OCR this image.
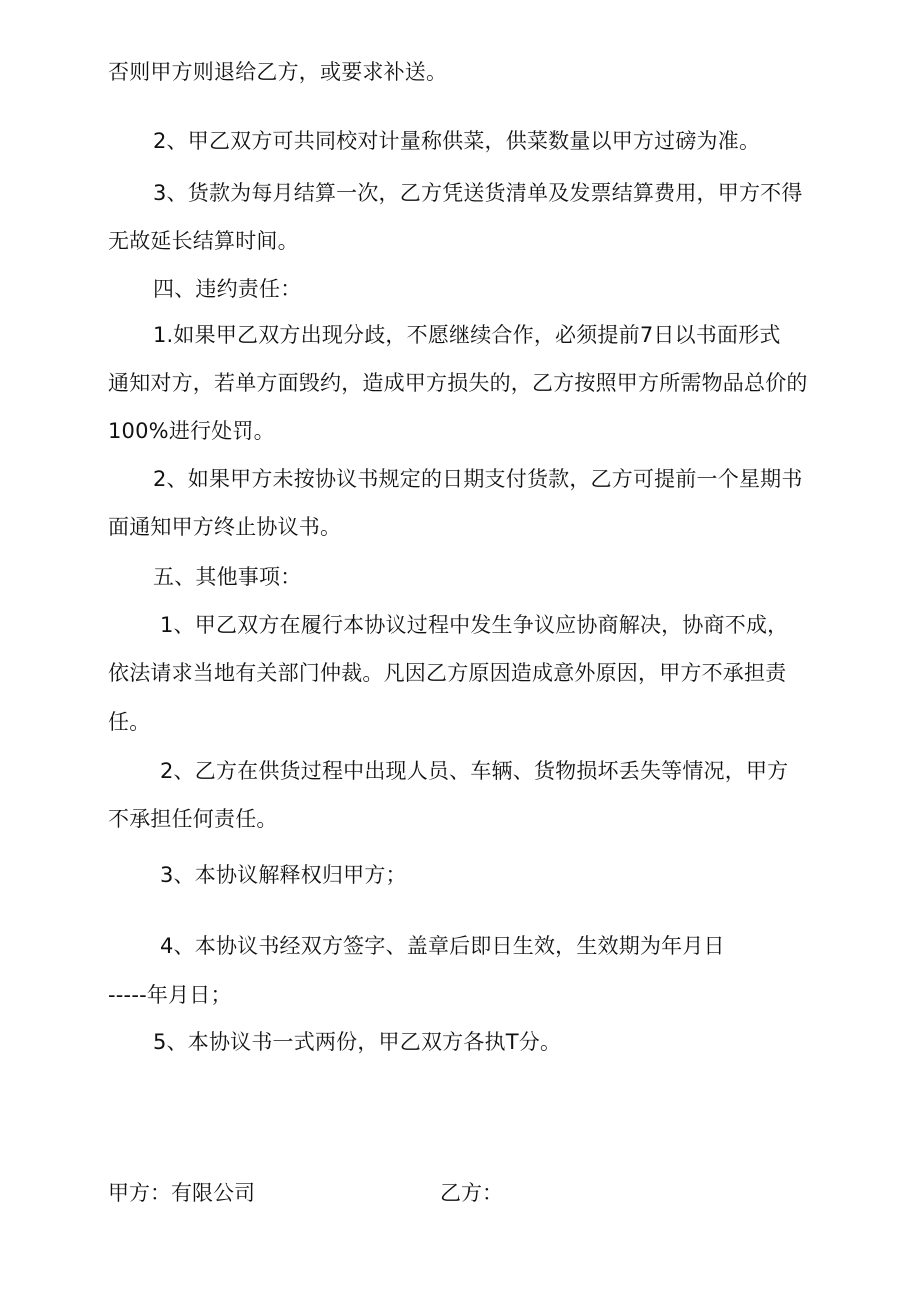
否则甲方则退给乙方，或要求补送。
2、甲乙双方可共同校对计量称供菜，供菜数量以甲方过磅为准。
3、货款为每月结算一次，乙方凭送货清单及发票结算费用，甲方不得
无故延长结算时间。
四、违约责任：
1.如果甲乙双方出现分歧，不愿继续合作，必须提前7日以书面形式
通知对方，若单方面毁约，造成甲方损失的，乙方按照甲方所需物品总价的
100%进行处罚。
2、如果甲方未按协议书规定的日期支付货款，乙方可提前一个星期书
面通知甲方终止协议书。
五、其他事项：
1、甲乙双方在履行本协议过程中发生争议应协商解决，协商不成，
依法请求当地有关部门仲裁。凡因乙方原因造成意外原因，甲方不承担责
任。
2、乙方在供货过程中出现人员、车辆、货物损坏丢失等情况，甲方
不承担任何责任。
3、本协议解释权归甲方；
4、本协议书经双方签字、盖章后即日生效，生效期为年月日
-----年月日；
5、本协议书一式两份，甲乙双方各执T分。
甲方：有限公司	乙方：
